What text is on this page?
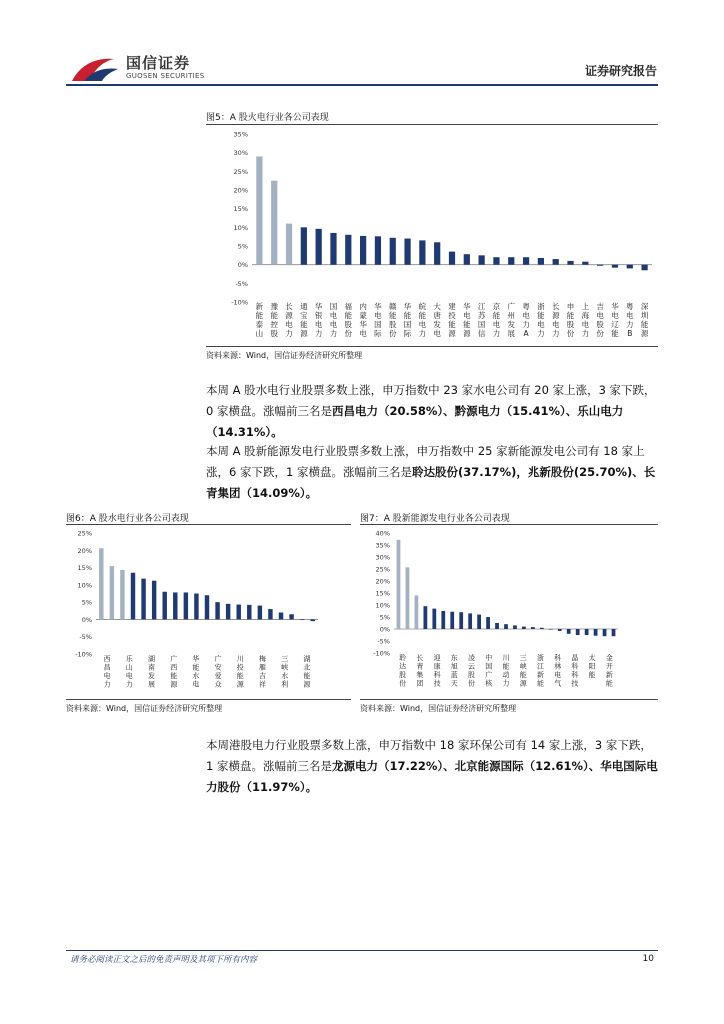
国信证券
GUOSEN SECURITIES	证券研究报告
图5：A 股火电行业各公司表现
-10%
-5%
0%
5%
10%
15%
20%
25%
30%
35%
新能泰山
豫能控股
长源电力
通宝能源
华银电力
国电电力
福能股份
内蒙华电
华电国际
赣能股份
华能国际
皖能电力
大唐发电
建投能源
华电能源
江苏国信
京能电力
广州发展
粤电力 A
浙能电力
长源电力
申能股份
上海电力
吉电股份
华电辽能
粤电力 B
深圳能源
资料来源：Wind，国信证券经济研究所整理

本周 A 股水电行业股票多数上涨，申万指数中 23 家水电公司有 20 家上涨，3 家下跌，0 家横盘。涨幅前三名是西昌电力（20.58%）、黔源电力（15.41%）、乐山电力（14.31%）。

本周 A 股新能源发电行业股票多数上涨，申万指数中 25 家新能源发电公司有 18 家上涨，6 家下跌，1 家横盘。涨幅前三名是聆达股份(37.17%)，兆新股份(25.70%)、长青集团（14.09%）。

图6：A 股水电行业各公司表现
-10%
-5%
0%
5%
10%
15%
20%
25%
西昌电力
乐山电力
湖南发展
广西能源
华能水电
广安爱众
川投能源
梅雁吉祥
三峡水利
湖北能源
资料来源：Wind，国信证券经济研究所整理
图7：A 股新能源发电行业各公司表现
-10%
-5%
0%
5%
10%
15%
20%
25%
30%
35%
40%
聆达股份
长青集团
迎康科技
东旭蓝天
凌云股份
中国广核
川能动力
三峡能源
浙江新能
科林电气
晶科科技
太阳能
金开新能
资料来源：Wind，国信证券经济研究所整理

本周港股电力行业股票多数上涨，申万指数中 18 家环保公司有 14 家上涨，3 家下跌，1 家横盘。涨幅前三名是龙源电力（17.22%）、北京能源国际（12.61%）、华电国际电力股份（11.97%）。

请务必阅读正文之后的免责声明及其项下所有内容	10
